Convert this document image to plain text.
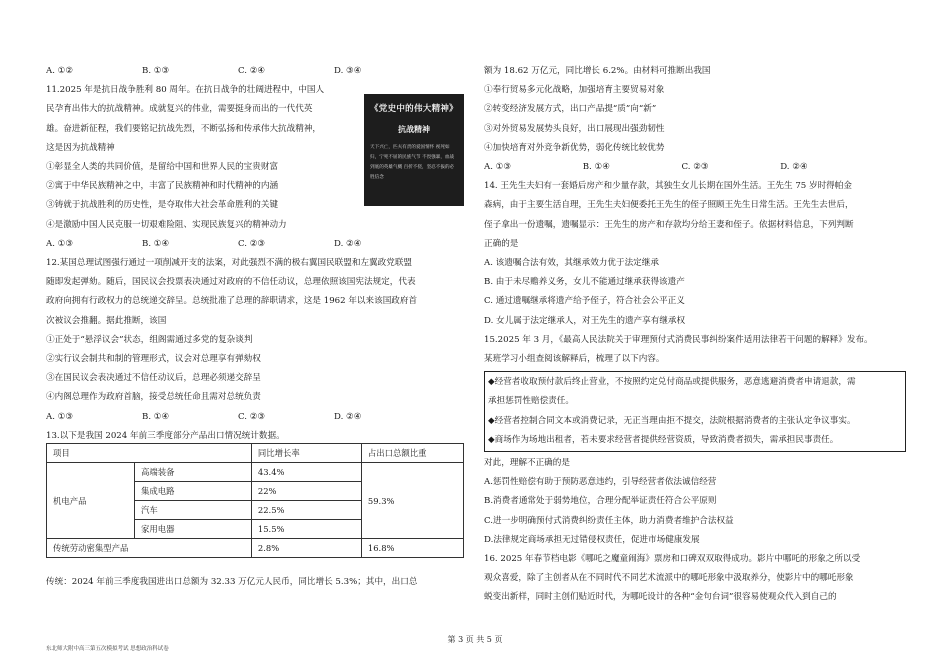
A. ①②	B. ①③	C. ②④	D. ③④
11.2025 年是抗日战争胜利 80 周年。在抗日战争的壮阔进程中，中国人
民孕育出伟大的抗战精神。成就复兴的伟业，需要挺身而出的一代代英
雄。奋进新征程，我们要铭记抗战先烈，不断弘扬和传承伟大抗战精神，
这是因为抗战精神
①彰显全人类的共同价值，是留给中国和世界人民的宝贵财富
②寓于中华民族精神之中，丰富了民族精神和时代精神的内涵
③铸就于抗战胜利的历史性，是夺取伟大社会革命胜利的关键
④是激励中国人民克服一切艰难险阻、实现民族复兴的精神动力
A. ①③	B. ①④	C. ②③	D. ②④
12.某国总理试图强行通过一项削减开支的法案，对此强烈不满的极右翼国民联盟和左翼政党联盟
随即发起弹劾。随后，国民议会投票表决通过对政府的不信任动议，总理依照该国宪法规定，代表
政府向拥有行政权力的总统递交辞呈。总统批准了总理的辞职请求，这是 1962 年以来该国政府首
次被议会推翻。据此推断，该国
①正处于“悬浮议会”状态，组阁需通过多党的复杂谈判
②实行议会制共和制的管理形式，议会对总理享有弹劾权
③在国民议会表决通过不信任动议后，总理必须递交辞呈
④内阁总理作为政府首脑，接受总统任命且需对总统负责
A. ①③	B. ①④	C. ②③	D. ②④
13.以下是我国 2024 年前三季度部分产品出口情况统计数据。
《党史中的伟大精神》
抗战精神
天下兴亡，匹夫有责的爱国情怀 视死如归，宁死不屈的民族气节 不畏强暴，血战到底的英雄气概 百折不挠，坚忍不拔的必胜信念
项目		同比增长率	占出口总额比重
机电产品	高端装备	43.4%	59.3%
	集成电路	22%	
	汽车	22.5%	
	家用电器	15.5%	
传统劳动密集型产品		2.8%	16.8%
传统：2024 年前三季度我国进出口总额为 32.33 万亿元人民币，同比增长 5.3%；其中，出口总
额为 18.62 万亿元，同比增长 6.2%。由材料可推断出我国
①奉行贸易多元化战略，加强培育主要贸易对象
②转变经济发展方式，出口产品提“质”向“新”
③对外贸易发展势头良好，出口展现出强劲韧性
④加快培育对外竞争新优势，弱化传统比较优势
A. ①③	B. ①④	C. ②③	D. ②④
14. 王先生夫妇有一套婚后房产和少量存款，其独生女儿长期在国外生活。王先生 75 岁时得帕金
森病，由于主要生活自理，王先生夫妇便委托王先生的侄子照顾王先生日常生活。王先生去世后，
侄子拿出一份遗嘱，遗嘱显示：王先生的房产和存款均分给王妻和侄子。依据材料信息，下列判断
正确的是
A. 该遗嘱合法有效，其继承效力优于法定继承
B. 由于未尽赡养义务，女儿不能通过继承获得该遗产
C. 通过遗嘱继承将遗产给予侄子，符合社会公平正义
D. 女儿属于法定继承人，对王先生的遗产享有继承权
15.2025 年 3 月，《最高人民法院关于审理预付式消费民事纠纷案件适用法律若干问题的解释》发布。
某班学习小组查阅该解释后，梳理了以下内容。
◆经营者收取预付款后终止营业，不按照约定兑付商品或提供服务，恶意逃避消费者申请退款，需
承担惩罚性赔偿责任。
◆经营者控制合同文本或消费记录，无正当理由拒不提交，法院根据消费者的主张认定争议事实。
◆商场作为场地出租者，若未要求经营者提供经营资质，导致消费者损失，需承担民事责任。
对此，理解不正确的是
A.惩罚性赔偿有助于预防恶意违约，引导经营者依法诚信经营
B.消费者通常处于弱势地位，合理分配举证责任符合公平原则
C.进一步明确预付式消费纠纷责任主体，助力消费者维护合法权益
D.法律规定商场承担无过错侵权责任，促进市场健康发展
16. 2025 年春节档电影《哪吒之魔童闹海》票房和口碑双双取得成功。影片中哪吒的形象之所以受
观众喜爱，除了主创者从在不同时代不同艺术流派中的哪吒形象中汲取养分，使影片中的哪吒形象
蜕变出新样，同时主创们贴近时代，为哪吒设计的各种“金句台词”很容易使观众代入到自己的
第 3 页 共 5 页
东北师大附中高三第五次模拟考试 思想政治科试卷
